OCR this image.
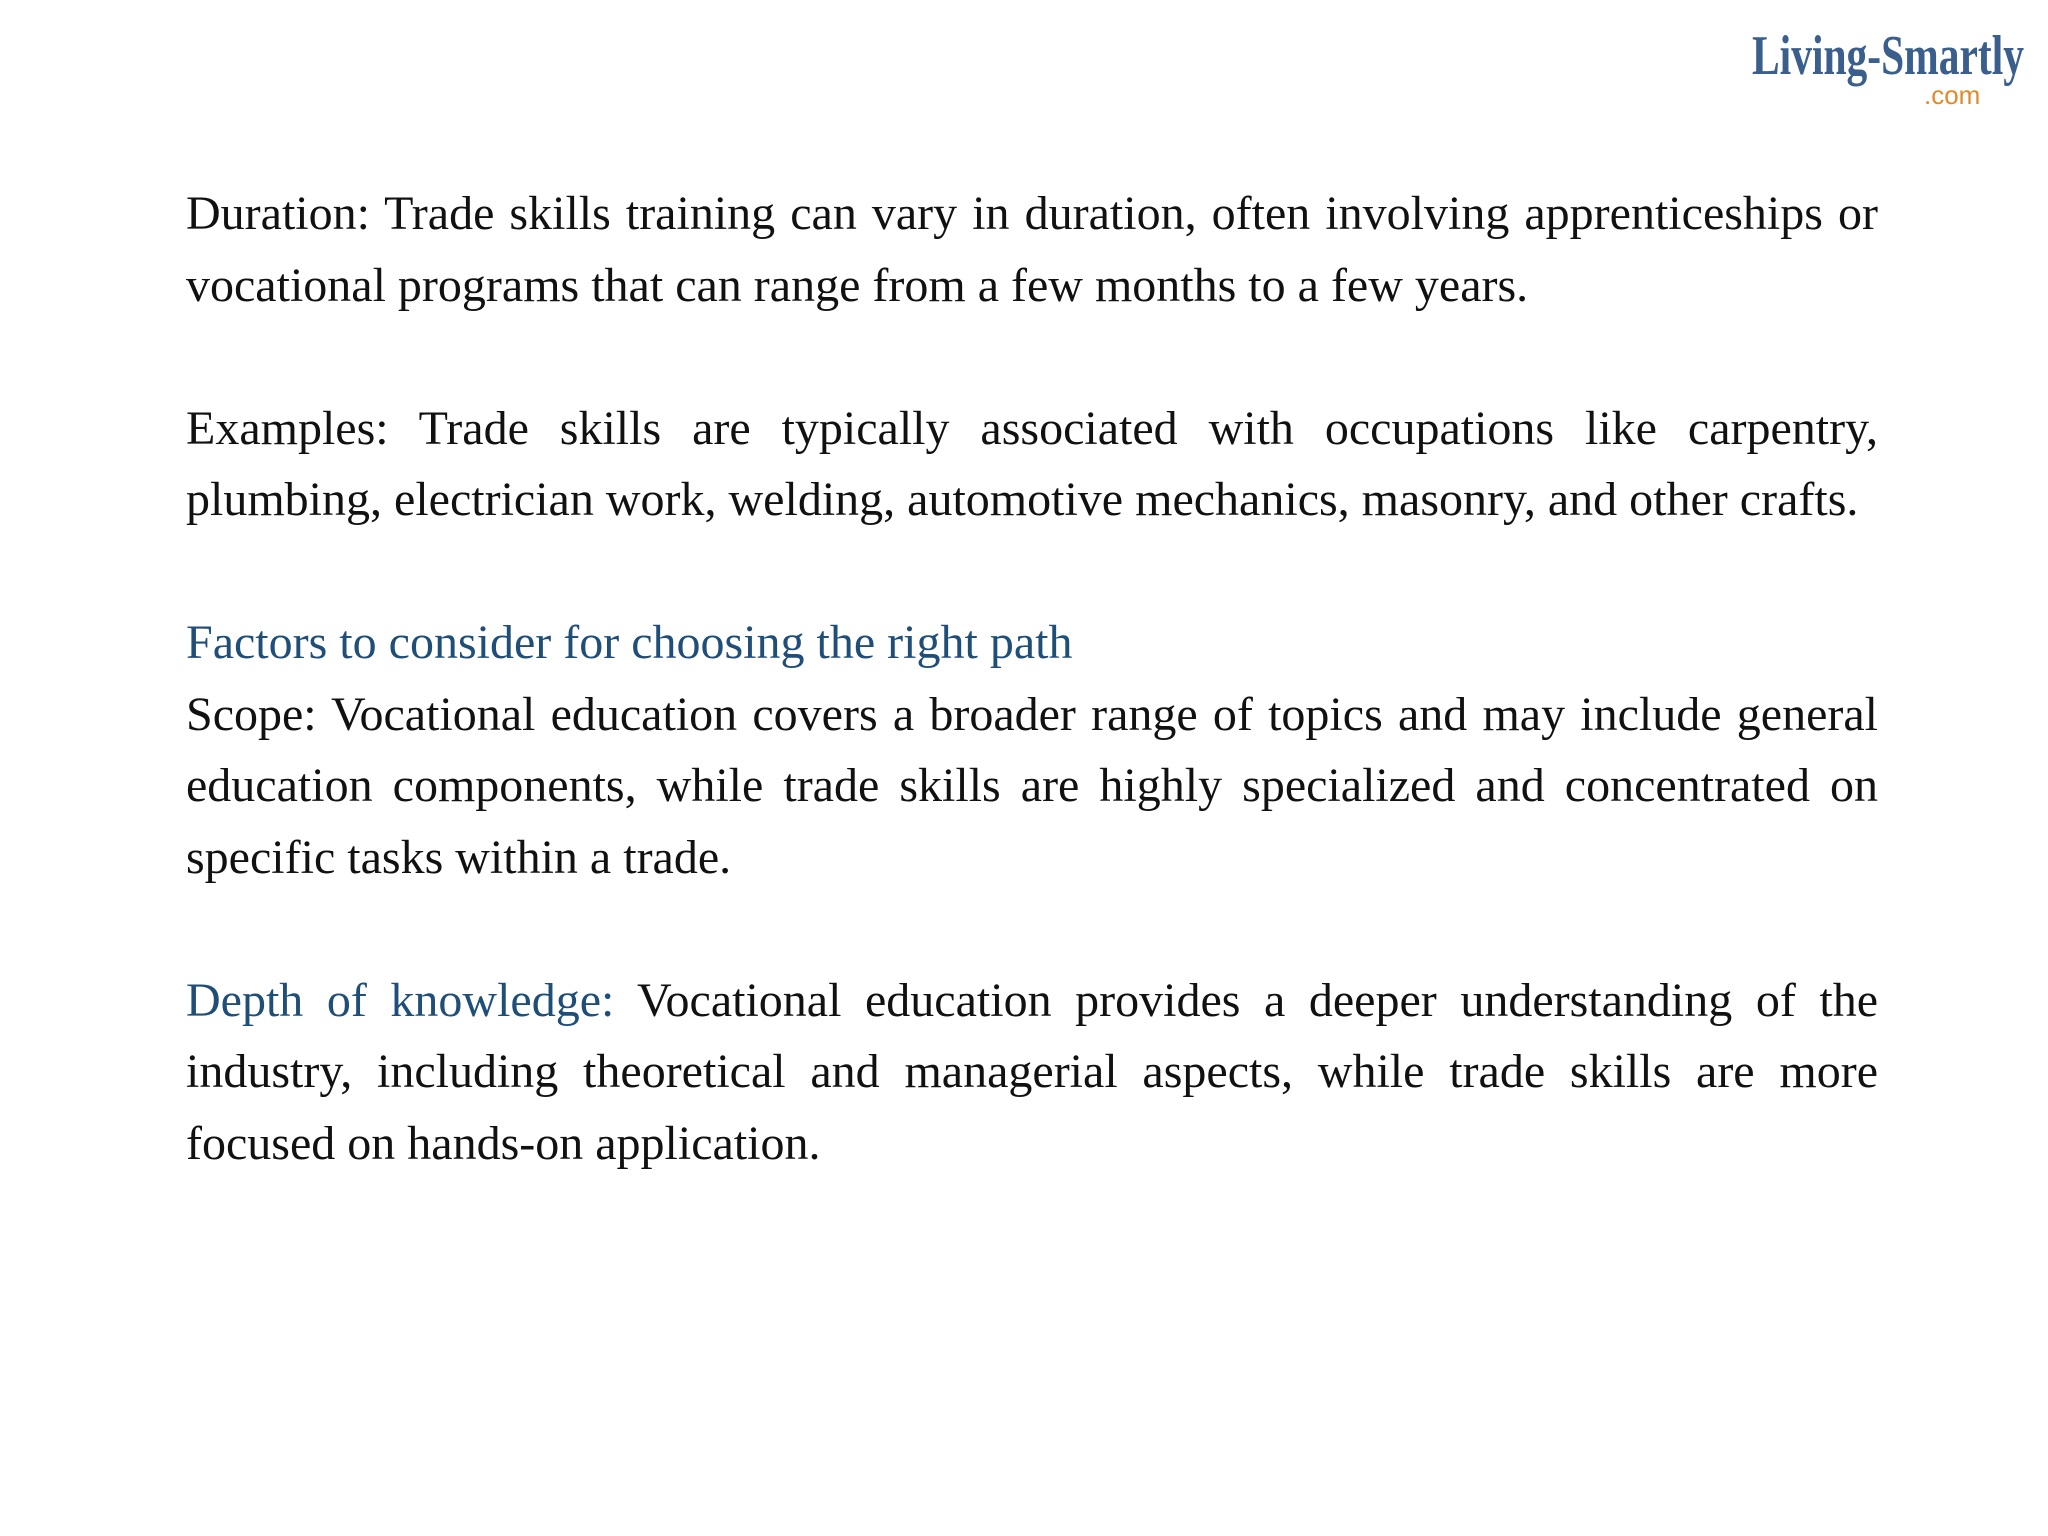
Living-Smartly
.com

Duration: Trade skills training can vary in duration, often involving apprenticeships or vocational programs that can range from a few months to a few years.

Examples: Trade skills are typically associated with occupations like carpentry, plumbing, electrician work, welding, automotive mechanics, masonry, and other crafts.

Factors to consider for choosing the right path

Scope: Vocational education covers a broader range of topics and may include general education components, while trade skills are highly specialized and concentrated on specific tasks within a trade.

Depth of knowledge: Vocational education provides a deeper understanding of the industry, including theoretical and managerial aspects, while trade skills are more focused on hands-on application.
